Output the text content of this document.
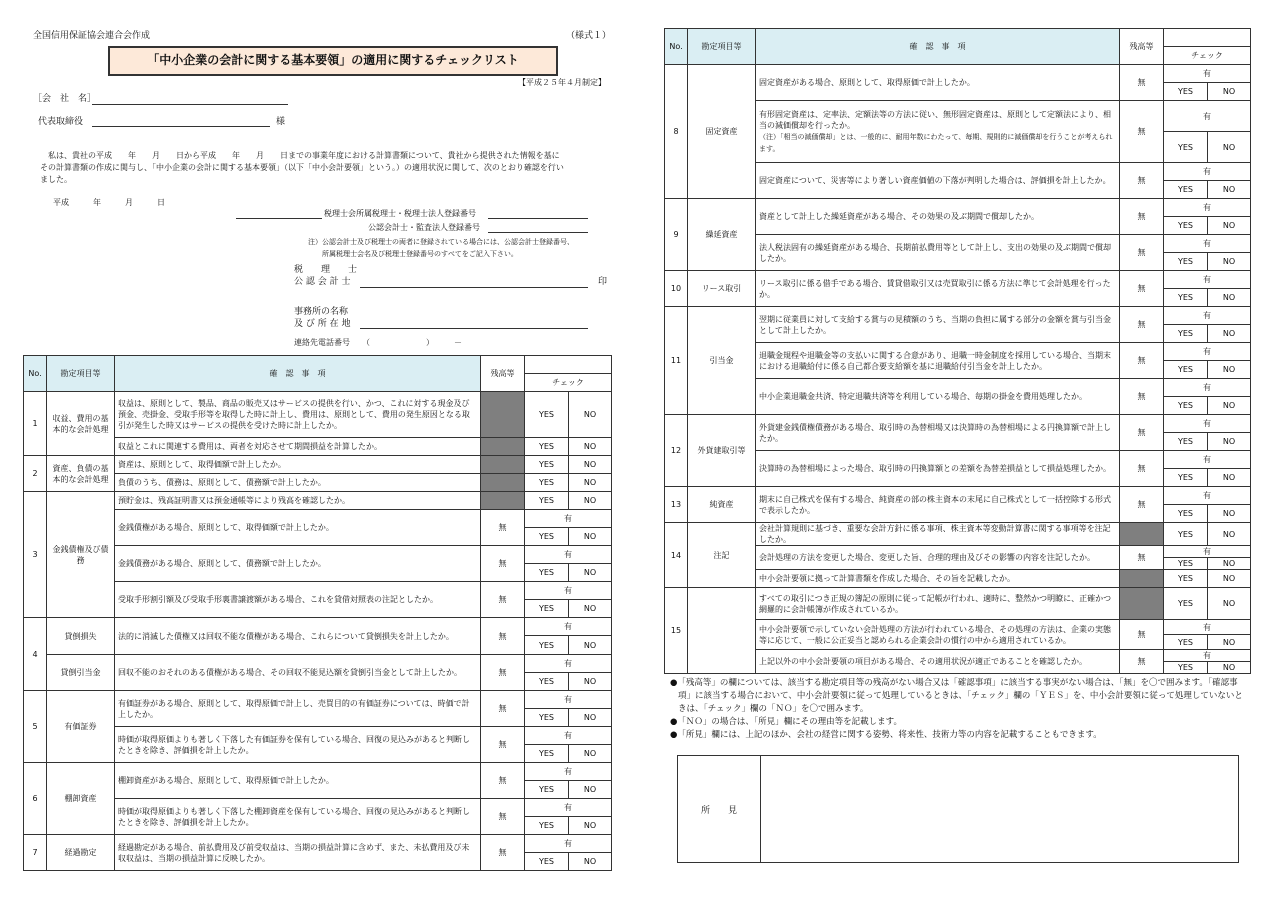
全国信用保証協会連合会作成	（様式１）
「中小企業の会計に関する基本要領」の適用に関するチェックリスト
【平成２５年４月制定】
［会　社　名］
代表取締役	様
　私は、貴社の平成　　年　　月　　日から平成　　年　　月　　日までの事業年度における計算書類について、貴社から提供された情報を基に
その計算書類の作成に関与し、「中小企業の会計に関する基本要領」（以下「中小会計要領」という。）の適用状況に関して、次のとおり確認を行い
ました。
平成　　　年　　　月　　　日
税理士会所属税理士・税理士法人登録番号
公認会計士・監査法人登録番号
注）公認会計士及び税理士の両者に登録されている場合には、公認会計士登録番号、
所属税理士会名及び税理士登録番号のすべてをご記入下さい。
税　　理　　士
公 認 会 計 士	印
事務所の名称
及 び 所 在 地
連絡先電話番号　　（　　　　　　　）　　　－
No.	勘定項目等	確　認　事　項	残高等		
				チェック	
1	収益、費用の基本的な会計処理	収益は、原則として、製品、商品の販売又はサービスの提供を行い、かつ、これに対する現金及び預金、売掛金、受取手形等を取得した時に計上し、費用は、原則として、費用の発生原因となる取引が発生した時又はサービスの提供を受けた時に計上したか。		YES	NO
		収益とこれに関連する費用は、両者を対応させて期間損益を計算したか。		YES	NO
2	資産、負債の基本的な会計処理	資産は、原則として、取得価額で計上したか。		YES	NO
		負債のうち、債務は、原則として、債務額で計上したか。		YES	NO
3	金銭債権及び債務	預貯金は、残高証明書又は預金通帳等により残高を確認したか。		YES	NO
		金銭債権がある場合、原則として、取得価額で計上したか。	無	有	
				YES	NO
		金銭債務がある場合、原則として、債務額で計上したか。	無	有	
				YES	NO
		受取手形割引額及び受取手形裏書譲渡額がある場合、これを貸借対照表の注記としたか。	無	有	
				YES	NO
4	貸倒損失	法的に消滅した債権又は回収不能な債権がある場合、これらについて貸倒損失を計上したか。	無	有	
				YES	NO
	貸倒引当金	回収不能のおそれのある債権がある場合、その回収不能見込額を貸倒引当金として計上したか。	無	有	
				YES	NO
5	有価証券	有価証券がある場合、原則として、取得原価で計上し、売買目的の有価証券については、時価で計上したか。	無	有	
				YES	NO
		時価が取得原価よりも著しく下落した有価証券を保有している場合、回復の見込みがあると判断したときを除き、評価損を計上したか。	無	有	
				YES	NO
6	棚卸資産	棚卸資産がある場合、原則として、取得原価で計上したか。	無	有	
				YES	NO
		時価が取得原価よりも著しく下落した棚卸資産を保有している場合、回復の見込みがあると判断したときを除き、評価損を計上したか。	無	有	
				YES	NO
7	経過勘定	経過勘定がある場合、前払費用及び前受収益は、当期の損益計算に含めず、また、未払費用及び未収収益は、当期の損益計算に反映したか。	無	有	
				YES	NO
No.	勘定項目等	確　認　事　項	残高等		
				チェック	
8	固定資産	固定資産がある場合、原則として、取得原価で計上したか。	無	有	
				YES	NO
		有形固定資産は、定率法、定額法等の方法に従い、無形固定資産は、原則として定額法により、相当の減価償却を行ったか。
（注）「相当の減価償却」とは、一般的に、耐用年数にわたって、毎期、規則的に減価償却を行うことが考えられます。	無	有	
				YES	NO
		固定資産について、災害等により著しい資産価値の下落が判明した場合は、評価損を計上したか。	無	有	
				YES	NO
9	繰延資産	資産として計上した繰延資産がある場合、その効果の及ぶ期間で償却したか。	無	有	
				YES	NO
		法人税法固有の繰延資産がある場合、長期前払費用等として計上し、支出の効果の及ぶ期間で償却したか。	無	有	
				YES	NO
10	リース取引	リース取引に係る借手である場合、賃貸借取引又は売買取引に係る方法に準じて会計処理を行ったか。	無	有	
				YES	NO
11	引当金	翌期に従業員に対して支給する賞与の見積額のうち、当期の負担に属する部分の金額を賞与引当金として計上したか。	無	有	
				YES	NO
		退職金規程や退職金等の支払いに関する合意があり、退職一時金制度を採用している場合、当期末における退職給付に係る自己都合要支給額を基に退職給付引当金を計上したか。	無	有	
				YES	NO
		中小企業退職金共済、特定退職共済等を利用している場合、毎期の掛金を費用処理したか。	無	有	
				YES	NO
12	外貨建取引等	外貨建金銭債権債務がある場合、取引時の為替相場又は決算時の為替相場による円換算額で計上したか。	無	有	
				YES	NO
		決算時の為替相場によった場合、取引時の円換算額との差額を為替差損益として損益処理したか。	無	有	
				YES	NO
13	純資産	期末に自己株式を保有する場合、純資産の部の株主資本の末尾に自己株式として一括控除する形式で表示したか。	無	有	
				YES	NO
14	注記	会社計算規則に基づき、重要な会計方針に係る事項、株主資本等変動計算書に関する事項等を注記したか。		YES	NO
		会計処理の方法を変更した場合、変更した旨、合理的理由及びその影響の内容を注記したか。	無	有	
				YES	NO
		中小会計要領に拠って計算書類を作成した場合、その旨を記載したか。		YES	NO
15		すべての取引につき正規の簿記の原則に従って記帳が行われ、適時に、整然かつ明瞭に、正確かつ網羅的に会計帳簿が作成されているか。		YES	NO
		中小会計要領で示していない会計処理の方法が行われている場合、その処理の方法は、企業の実態等に応じて、一般に公正妥当と認められる企業会計の慣行の中から適用されているか。	無	有	
				YES	NO
		上記以外の中小会計要領の項目がある場合、その適用状況が適正であることを確認したか。	無	有	
				YES	NO
●「残高等」の欄については、該当する勘定項目等の残高がない場合又は「確認事項」に該当する事実がない場合は、「無」を〇で囲みます。「確認事
項」に該当する場合において、中小会計要領に従って処理しているときは、「チェック」欄の「ＹＥＳ」を、中小会計要領に従って処理していないと
きは、「チェック」欄の「ＮＯ」を〇で囲みます。
●「ＮＯ」の場合は、「所見」欄にその理由等を記載します。
●「所見」欄には、上記のほか、会社の経営に関する姿勢、将来性、技術力等の内容を記載することもできます。
所　　見
